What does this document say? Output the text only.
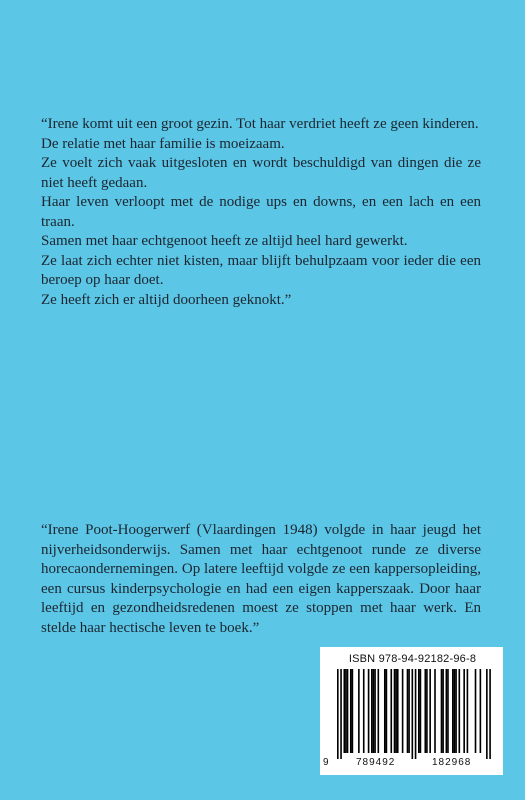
“Irene komt uit een groot gezin. Tot haar verdriet heeft ze geen kinderen.

De relatie met haar familie is moeizaam.

Ze voelt zich vaak uitgesloten en wordt beschuldigd van dingen die ze niet heeft gedaan.

Haar leven verloopt met de nodige ups en downs, en een lach en een traan.

Samen met haar echtgenoot heeft ze altijd heel hard gewerkt.

Ze laat zich echter niet kisten, maar blijft behulpzaam voor ieder die een beroep op haar doet.

Ze heeft zich er altijd doorheen geknokt.”

“Irene Poot-Hoogerwerf (Vlaardingen 1948) volgde in haar jeugd het nijverheidsonderwijs. Samen met haar echtgenoot runde ze diverse horecaondernemingen. Op latere leeftijd volgde ze een kappersopleiding, een cursus kinderpsychologie en had een eigen kapperszaak. Door haar leeftijd en gezondheidsredenen moest ze stoppen met haar werk. En stelde haar hectische leven te boek.”

ISBN 978-94-92182-96-8
9	789492	182968
